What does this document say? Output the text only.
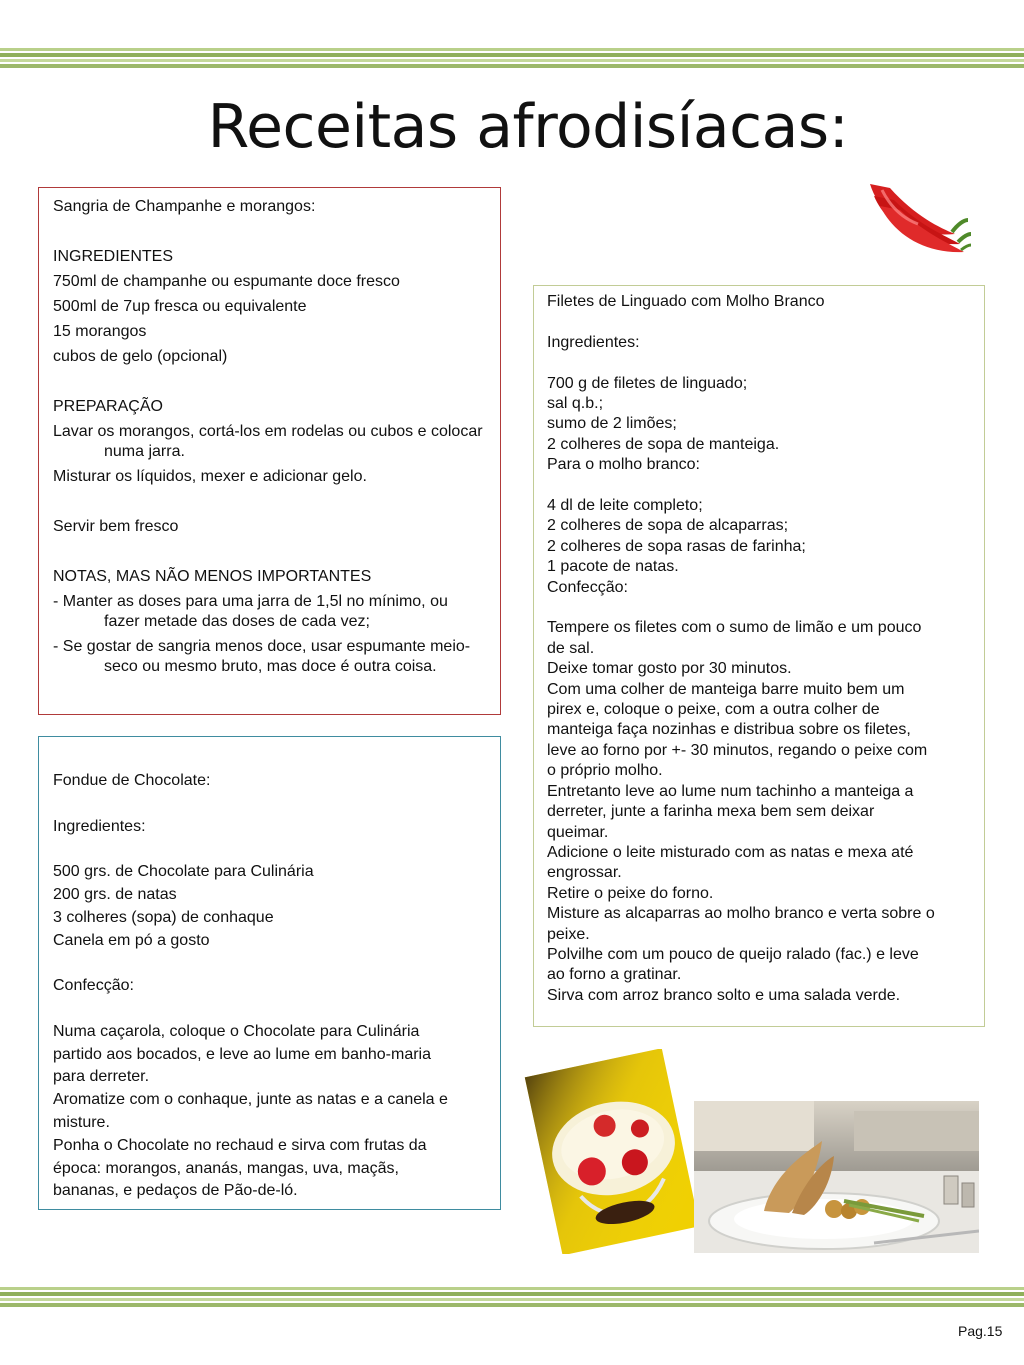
Receitas afrodisíacas:
Sangria de Champanhe e morangos:
INGREDIENTES
750ml de champanhe ou espumante doce fresco
500ml de 7up fresca ou equivalente
15 morangos
cubos de gelo (opcional)
PREPARAÇÃO
Lavar os morangos, cortá-los em rodelas ou cubos e colocar numa jarra.
Misturar os líquidos, mexer e adicionar gelo.
Servir bem fresco
NOTAS, MAS NÃO MENOS IMPORTANTES
- Manter as doses para uma jarra de 1,5l no mínimo, ou fazer metade das doses de cada vez;
- Se gostar de sangria menos doce, usar espumante meio-seco ou mesmo bruto, mas doce é outra coisa.
Fondue de Chocolate:
Ingredientes:
500 grs. de Chocolate para Culinária
200 grs. de natas
3 colheres (sopa) de conhaque
Canela em pó a gosto
Confecção:
Numa caçarola, coloque o Chocolate para Culinária
partido aos bocados, e leve ao lume em banho-maria
para derreter.
Aromatize com o conhaque, junte as natas e a canela e
misture.
Ponha o Chocolate no rechaud e sirva com frutas da
época: morangos, ananás, mangas, uva, maçãs,
bananas, e pedaços de Pão-de-ló.
Filetes de Linguado com Molho Branco
Ingredientes:
700 g de filetes de linguado;
sal q.b.;
sumo de 2 limões;
2 colheres de sopa de manteiga.
Para o molho branco:
4 dl de leite completo;
2 colheres de sopa de alcaparras;
2 colheres de sopa rasas de farinha;
1 pacote de natas.
Confecção:
Tempere os filetes com o sumo de limão e um pouco
de sal.
Deixe tomar gosto por 30 minutos.
Com uma colher de manteiga barre muito bem um
pirex e, coloque o peixe, com a outra colher de
manteiga faça nozinhas e distribua sobre os filetes,
leve ao forno por +- 30 minutos, regando o peixe com
o próprio molho.
Entretanto leve ao lume num tachinho a manteiga a
derreter, junte a farinha mexa bem sem deixar
queimar.
Adicione o leite misturado com as natas e mexa até
engrossar.
Retire o peixe do forno.
Misture as alcaparras ao molho branco e verta sobre o
peixe.
Polvilhe com um pouco de queijo ralado (fac.) e leve
ao forno a gratinar.
Sirva com arroz branco solto e uma salada verde.
Pag.15
